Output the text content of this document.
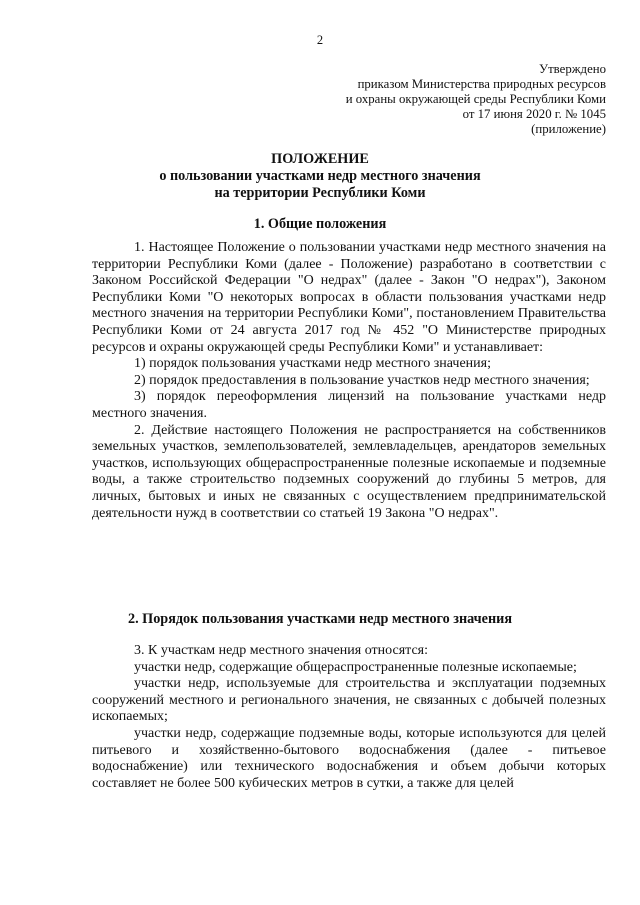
2
Утверждено
приказом Министерства природных ресурсов
и охраны окружающей среды Республики Коми
от 17 июня 2020 г. № 1045
(приложение)
ПОЛОЖЕНИЕ
о пользовании участками недр местного значения
на территории Республики Коми
1. Общие положения

1. Настоящее Положение о пользовании участками недр местного значения на территории Республики Коми (далее - Положение) разработано в соответствии с Законом Российской Федерации "О недрах" (далее - Закон "О недрах"), Законом Республики Коми "О некоторых вопросах в области пользования участками недр местного значения на территории Республики Коми", постановлением Правительства Республики Коми от 24 августа 2017 год № 452 "О Министерстве природных ресурсов и охраны окружающей среды Республики Коми" и устанавливает:

1) порядок пользования участками недр местного значения;

2) порядок предоставления в пользование участков недр местного значения;

3) порядок переоформления лицензий на пользование участками недр местного значения.

2. Действие настоящего Положения не распространяется на собственников земельных участков, землепользователей, землевладельцев, арендаторов земельных участков, использующих общераспространенные полезные ископаемые и подземные воды, а также строительство подземных сооружений до глубины 5 метров, для личных, бытовых и иных не связанных с осуществлением предпринимательской деятельности нужд в соответствии со статьей 19 Закона "О недрах".

2. Порядок пользования участками недр местного значения

3. К участкам недр местного значения относятся:

участки недр, содержащие общераспространенные полезные ископаемые;

участки недр, используемые для строительства и эксплуатации подземных сооружений местного и регионального значения, не связанных с добычей полезных ископаемых;

участки недр, содержащие подземные воды, которые используются для целей питьевого и хозяйственно-бытового водоснабжения (далее - питьевое водоснабжение) или технического водоснабжения и объем добычи которых составляет не более 500 кубических метров в сутки, а также для целей
